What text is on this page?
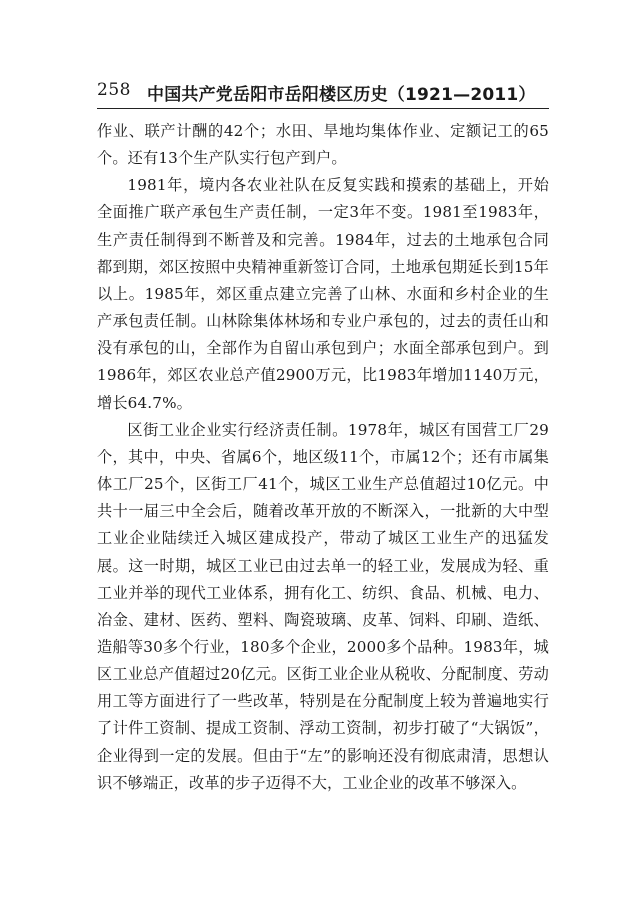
258 中国共产党岳阳市岳阳楼区历史（1921—2011）

作业、联产计酬的42个；水田、旱地均集体作业、定额记工的65个。还有13个生产队实行包产到户。

1981年，境内各农业社队在反复实践和摸索的基础上，开始全面推广联产承包生产责任制，一定3年不变。1981至1983年，生产责任制得到不断普及和完善。1984年，过去的土地承包合同都到期，郊区按照中央精神重新签订合同，土地承包期延长到15年以上。1985年，郊区重点建立完善了山林、水面和乡村企业的生产承包责任制。山林除集体林场和专业户承包的，过去的责任山和没有承包的山，全部作为自留山承包到户；水面全部承包到户。到1986年，郊区农业总产值2900万元，比1983年增加1140万元，增长64.7%。

区街工业企业实行经济责任制。1978年，城区有国营工厂29个，其中，中央、省属6个，地区级11个，市属12个；还有市属集体工厂25个，区街工厂41个，城区工业生产总值超过10亿元。中共十一届三中全会后，随着改革开放的不断深入，一批新的大中型工业企业陆续迁入城区建成投产，带动了城区工业生产的迅猛发展。这一时期，城区工业已由过去单一的轻工业，发展成为轻、重工业并举的现代工业体系，拥有化工、纺织、食品、机械、电力、冶金、建材、医药、塑料、陶瓷玻璃、皮革、饲料、印刷、造纸、造船等30多个行业，180多个企业，2000多个品种。1983年，城区工业总产值超过20亿元。区街工业企业从税收、分配制度、劳动用工等方面进行了一些改革，特别是在分配制度上较为普遍地实行了计件工资制、提成工资制、浮动工资制，初步打破了“大锅饭”，企业得到一定的发展。但由于“左”的影响还没有彻底肃清，思想认识不够端正，改革的步子迈得不大，工业企业的改革不够深入。
